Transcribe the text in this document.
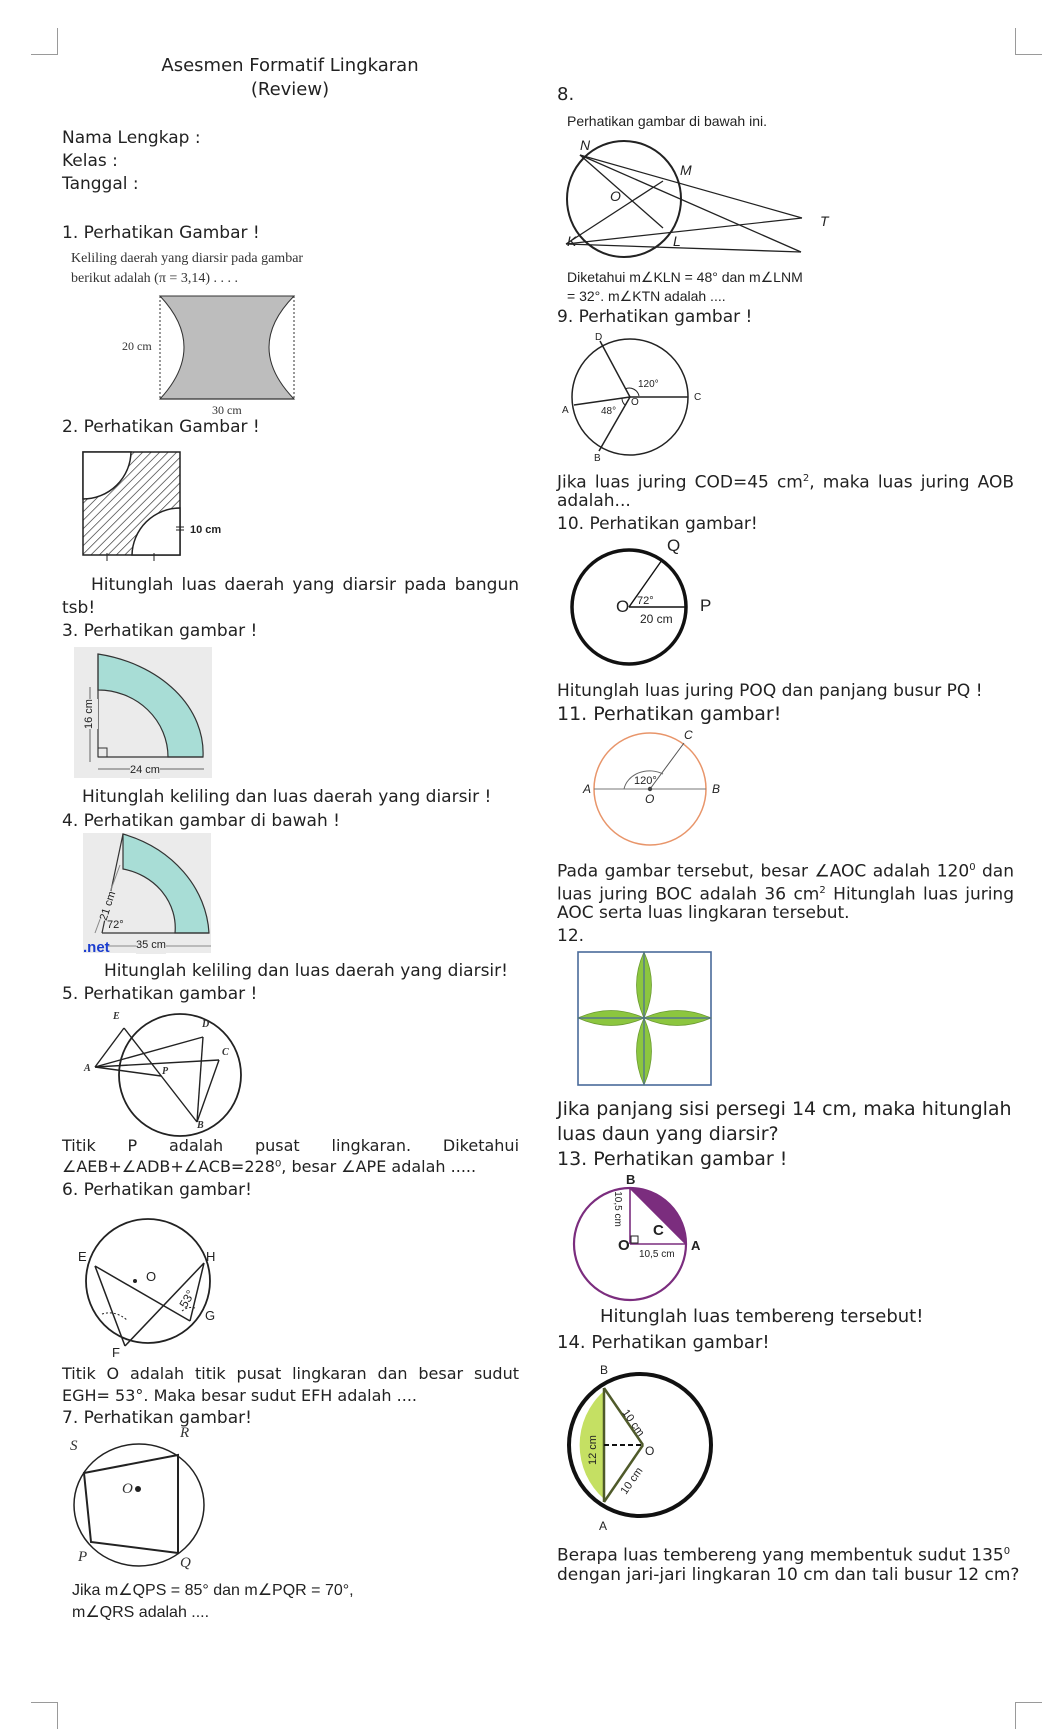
Asesmen Formatif Lingkaran
(Review)
Nama Lengkap :
Kelas :
Tanggal :
1. Perhatikan Gambar !
Keliling daerah yang diarsir pada gambar
berikut adalah (π = 3,14) . . . .
20 cm
30 cm
2. Perhatikan Gambar !
10 cm
Hitunglah luas daerah yang diarsir pada bangun
tsb!
3. Perhatikan gambar !
16 cm
24 cm
Hitunglah keliling dan luas daerah yang diarsir !
4. Perhatikan gambar di bawah !
21 cm
72°
35 cm
.net
Hitunglah keliling dan luas daerah yang diarsir!
5. Perhatikan gambar !
E
D
C
A	P
B
Titik P adalah pusat lingkaran. Diketahui
∠AEB+∠ADB+∠ACB=228⁰, besar ∠APE adalah .....
6. Perhatikan gambar!
E	H
O
G
F
53°
Titik O adalah titik pusat lingkaran dan besar sudut
EGH= 53°. Maka besar sudut EFH adalah ....
7. Perhatikan gambar!
S
R
O
P	Q
Jika m∠QPS = 85° dan m∠PQR = 70°,
m∠QRS adalah ....
8.
Perhatikan gambar di bawah ini.
N
M
O
T
K	L
Diketahui m∠KLN = 48° dan m∠LNM
= 32°. m∠KTN adalah ....
9. Perhatikan gambar !
D
C
A
O
B
120°
48°
Jika luas juring COD=45 $cm^2$, maka luas juring AOB
adalah...
10. Perhatikan gambar!
Q
O	P
72°
20 cm
Hitunglah luas juring POQ dan panjang busur PQ !
11. Perhatikan gambar!
C
A
O
B
120°
Pada gambar tersebut, besar ∠AOC adalah $120^0$ dan
luas juring BOC adalah 36 $cm^2$ Hitunglah luas juring
AOC serta luas lingkaran tersebut.
12.
Jika panjang sisi persegi 14 cm, maka hitunglah
luas daun yang diarsir?
13. Perhatikan gambar !
B
C
O	A
10,5 cm
10,5 cm
Hitunglah luas tembereng tersebut!
14. Perhatikan gambar!
B
O
A
12 cm
10 cm
10 cm
Berapa luas tembereng yang membentuk sudut $135^0$
dengan jari-jari lingkaran 10 cm dan tali busur 12 cm?
